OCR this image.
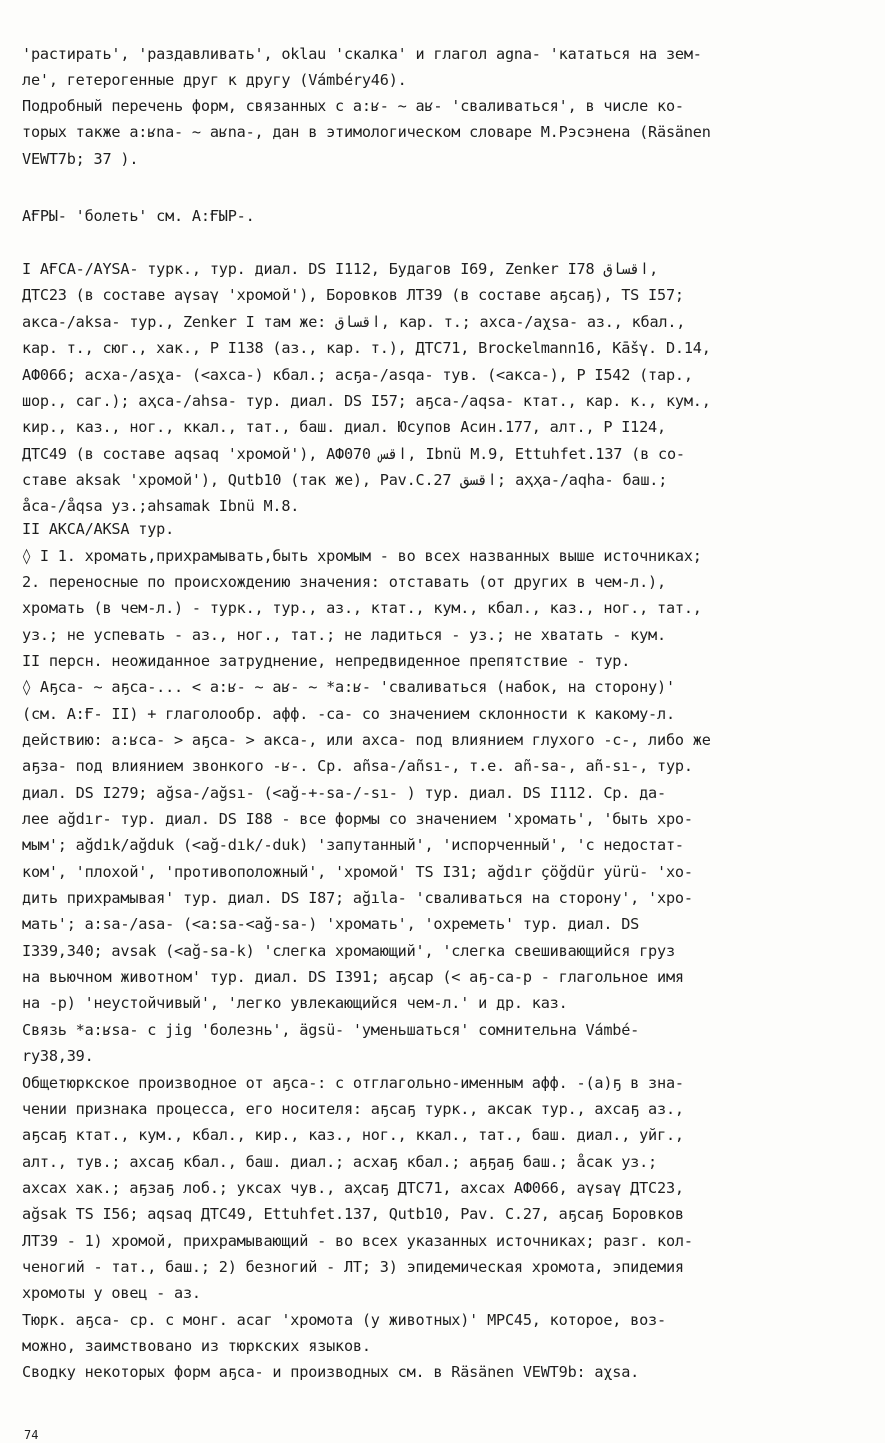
'растирать', 'раздавливать', oklau 'скалка' и глагол agna- 'кататься на зем-
ле', гетерогенные друг к другу (Vámbéry46).
Подробный перечень форм, связанных с a:ʁ- ~ aʁ- 'сваливаться', в числе ко-
торых также a:ʁna- ~ aʁna-, дан в этимологическом словаре М.Рэсэнена (Räsänen
VEWT7b; 37 ).
АҒРЫ- 'болеть' см. А:ҒЫР-.
I АҒСА-/AYSA- турк., тур. диал. DS I112, Будагов I69, Zenker I78 اقساق,
ДТС23 (в составе aγsaγ 'хромой'), Боровков ЛТ39 (в составе аҕсаҕ), TS I57;
акса-/aksa- тур., Zenker I там же: اقساق, кар. т.; ахса-/aχsa- аз., кбал.,
кар. т., сюг., хак., Р I138 (аз., кар. т.), ДТС71, Brockelmann16, Kāšγ. D.14,
АФ066; асха-/asχa- (<ахса-) кбал.; асҕа-/asqa- тув. (<акса-), Р I542 (тар.,
шор., саг.); аҳса-/ahsa- тур. диал. DS I57; аҕса-/aqsa- ктат., кар. к., кум.,
кир., каз., ног., ккал., тат., баш. диал. Юсупов Асин.177, алт., Р I124,
ДТС49 (в составе aqsaq 'хромой'), АФ070 اقس, Ibnü M.9, Ettuhfet.137 (в со-
ставе aksak 'хромой'), Qutb10 (так же), Pav.C.27 اقسق; аҳҳа-/aqha- баш.;
а̊са-/åqsa уз.;ahsamak Ibnü M.8.
II АКСА/AKSA тур.
◊ I 1. хромать,прихрамывать,быть хромым - во всех названных выше источниках;
2. переносные по происхождению значения: отставать (от других в чем-л.),
хромать (в чем-л.) - турк., тур., аз., ктат., кум., кбал., каз., ног., тат.,
уз.; не успевать - аз., ног., тат.; не ладиться - уз.; не хватать - кум.
II персн. неожиданное затруднение, непредвиденное препятствие - тур.
◊ Аҕса- ~ аҕса-... < a:ʁ- ~ aʁ- ~ *a:ʁ- 'сваливаться (набок, на сторону)'
(см. А:Ғ- II) + глаголообр. афф. -са- со значением склонности к какому-л.
действию: a:ʁса- > аҕса- > акса-, или ахса- под влиянием глухого -с-, либо же
аҕза- под влиянием звонкого -ʁ-. Ср. аñsa-/añsı-, т.е. añ-sa-, añ-sı-, тур.
диал. DS I279; ağsa-/ağsı- (<ağ-+-sa-/-sı- ) тур. диал. DS I112. Ср. да-
лее ağdır- тур. диал. DS I88 - все формы со значением 'хромать', 'быть хро-
мым'; ağdık/ağduk (<ağ-dık/-duk) 'запутанный', 'испорченный', 'с недостат-
ком', 'плохой', 'противоположный', 'хромой' TS I31; ağdır çöğdür yürü- 'хо-
дить прихрамывая' тур. диал. DS I87; ağıla- 'сваливаться на сторону', 'хро-
мать'; a:sa-/asa- (<a:sa-<ağ-sa-) 'хромать', 'охреметь' тур. диал. DS
I339,340; avsak (<ağ-sa-k) 'слегка хромающий', 'слегка свешивающийся груз
на вьючном животном' тур. диал. DS I391; аҕсар (< аҕ-са-р - глагольное имя
на -р) 'неустойчивый', 'легко увлекающийся чем-л.' и др. каз.
Связь *a:ʁsa- c jig 'болезнь', ägsü- 'уменьшаться' сомнительна Vámbé-
ry38,39.
Общетюркское производное от аҕса-: с отглагольно-именным афф. -(а)ҕ в зна-
чении признака процесса, его носителя: аҕсаҕ турк., аксак тур., ахсаҕ аз.,
аҕсаҕ ктат., кум., кбал., кир., каз., ног., ккал., тат., баш. диал., уйг.,
алт., тув.; ахсаҕ кбал., баш. диал.; асхаҕ кбал.; аҕҕаҕ баш.; а̊сак уз.;
ахсах хак.; аҕзаҕ лоб.; уксах чув., аҳсаҕ ДТС71, ахсах АФ066, aγsaγ ДТС23,
ağsak TS I56; aqsaq ДТС49, Ettuhfet.137, Qutb10, Pav. C.27, аҕсаҕ Боровков
ЛТ39 - 1) хромой, прихрамывающий - во всех указанных источниках; разг. кол-
ченогий - тат., баш.; 2) безногий - ЛТ; 3) эпидемическая хромота, эпидемия
хромоты у овец - аз.
Тюрк. аҕса- ср. с монг. асаг 'хромота (у животных)' МРС45, которое, воз-
можно, заимствовано из тюркских языков.
Сводку некоторых форм аҕса- и производных см. в Räsänen VEWT9b: aχsa.
74
